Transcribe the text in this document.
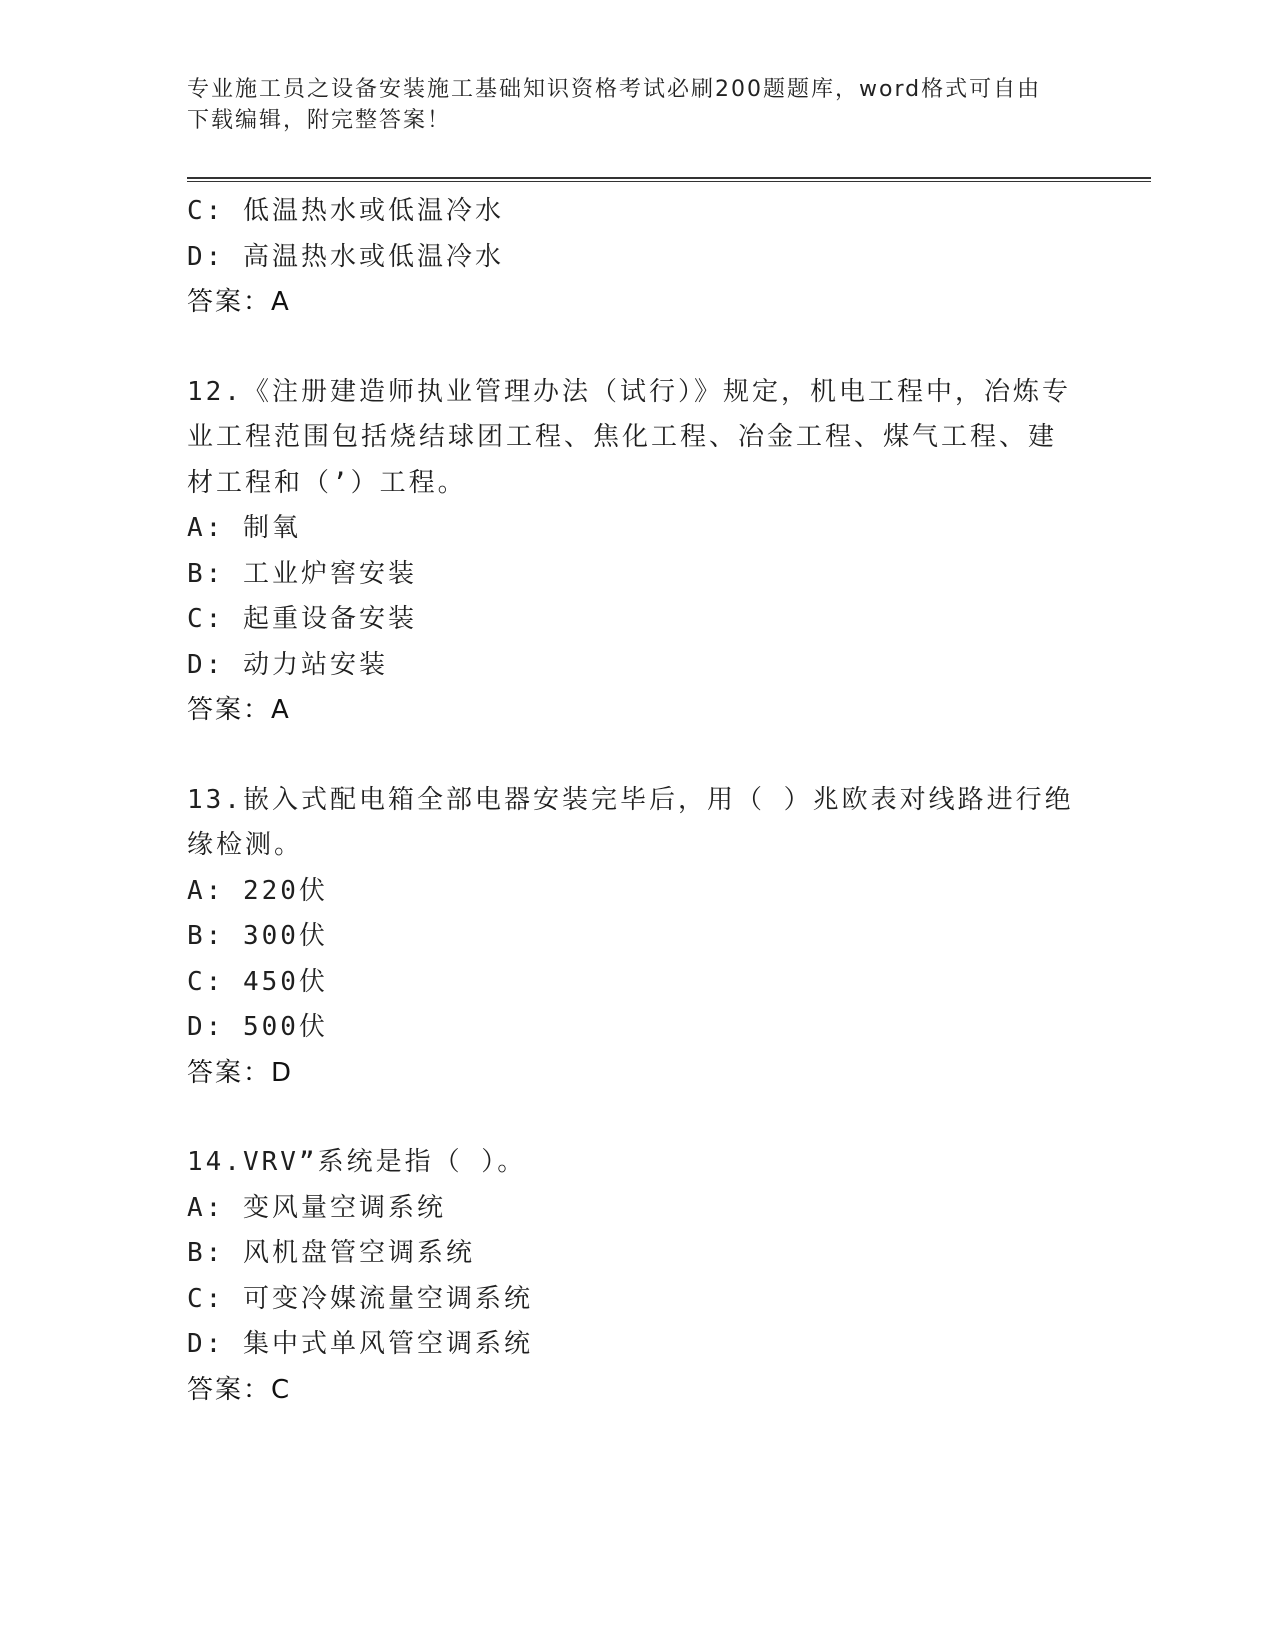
专业施工员之设备安装施工基础知识资格考试必刷200题题库，word格式可自由
下载编辑，附完整答案！
C: 低温热水或低温冷水
D: 高温热水或低温冷水
答案：A
12.《注册建造师执业管理办法（试行）》规定，机电工程中，冶炼专业工程范围包括烧结球团工程、焦化工程、冶金工程、煤气工程、建材工程和（’）工程。
A: 制氧
B: 工业炉窖安装
C: 起重设备安装
D: 动力站安装
答案：A
13.嵌入式配电箱全部电器安装完毕后，用（ ）兆欧表对线路进行绝缘检测。
A: 220伏
B: 300伏
C: 450伏
D: 500伏
答案：D
14.VRV”系统是指（ ）。
A: 变风量空调系统
B: 风机盘管空调系统
C: 可变冷媒流量空调系统
D: 集中式单风管空调系统
答案：C
